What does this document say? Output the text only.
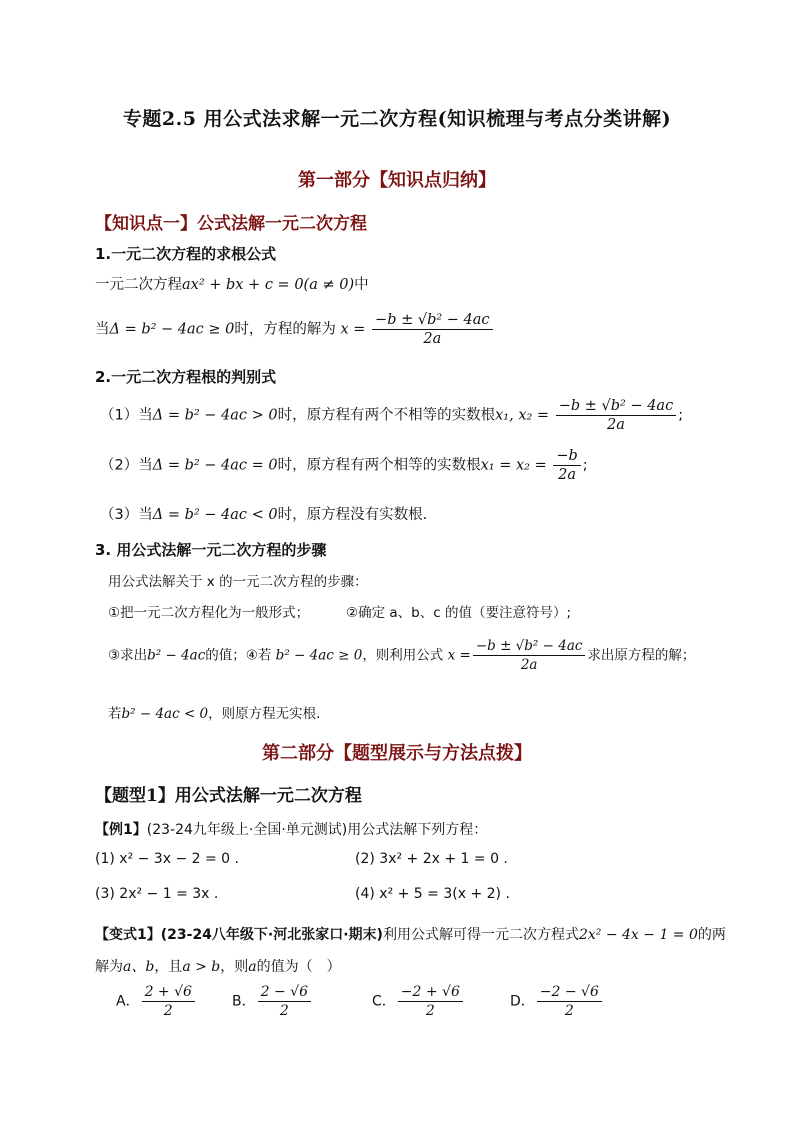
专题2.5 用公式法求解一元二次方程(知识梳理与考点分类讲解)
第一部分【知识点归纳】
【知识点一】公式法解一元二次方程
1.一元二次方程的求根公式
一元二次方程ax² + bx + c = 0(a ≠ 0)中
当Δ = b² − 4ac ≥ 0时，方程的解为 $x = \frac{\text{−b ± √b² − 4ac}}{2a}$
2.一元二次方程根的判别式
（1）当Δ = b² − 4ac > 0时，原方程有两个不相等的实数根x₁, $x_2 = \frac{\text{−b ± √b² − 4ac}}{2a}$ ;
（2）当Δ = b² − 4ac = 0时，原方程有两个相等的实数根$x_1 = x_2 = \frac{-b}{2a}$ ;
（3）当Δ = b² − 4ac < 0时，原方程没有实数根.
3. 用公式法解一元二次方程的步骤
用公式法解关于 x 的一元二次方程的步骤：
①把一元二次方程化为一般形式；	②确定 a、b、c 的值（要注意符号）;
③求出b² − 4ac的值；④若 b² − 4ac ≥ 0，则利用公式 $x = \frac{\text{−b ± √b² − 4ac}}{2a}$ 求出原方程的解；
若b² − 4ac < 0，则原方程无实根.
第二部分【题型展示与方法点拨】
【题型1】用公式法解一元二次方程
【例1】(23-24九年级上·全国·单元测试)用公式法解下列方程：
(1) x² − 3x − 2 = 0 .	(2) 3x² + 2x + 1 = 0 .
(3) 2x² − 1 = 3x .	(4) x² + 5 = 3(x + 2) .
【变式1】(23-24八年级下·河北张家口·期末)利用公式解可得一元二次方程式2x² − 4x − 1 = 0的两
解为a、b，且a > b，则a的值为（　）
A． $\frac{2 + √6}{2}$	B． $\frac{2 - √6}{2}$	C． $\frac{-2 + √6}{2}$	D． $\frac{-2 - √6}{2}$
